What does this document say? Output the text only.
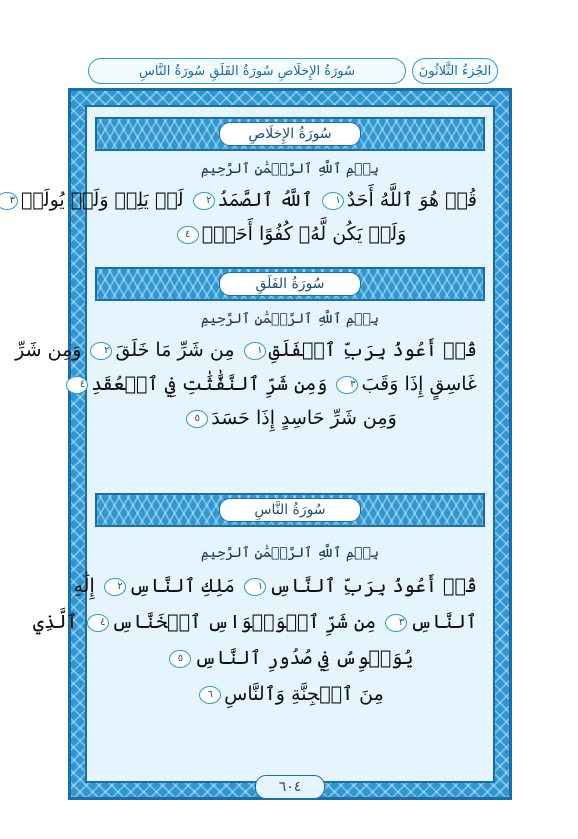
الجُزءُ الثَّلاثُونَ
سُورَةُ الإِخلَاصِ سُورَةُ الفَلَقِ سُورَةُ النَّاسِ
سُورَةُ الإِخلَاصِ
بِسۡمِ ٱللَّهِ ٱلرَّحۡمَٰنِ ٱلرَّحِيمِ
قُلۡ هُوَ ٱللَّهُ أَحَدٌ١ ٱللَّهُ ٱلصَّمَدُ٢ لَمۡ يَلِدۡ وَلَمۡ يُولَدۡ٣
وَلَمۡ يَكُن لَّهُۥ كُفُوًا أَحَدُۢ٤
سُورَةُ الفَلَقِ
بِسۡمِ ٱللَّهِ ٱلرَّحۡمَٰنِ ٱلرَّحِيمِ
قُلۡ أَعُوذُ بِرَبِّ ٱلۡفَلَقِ١ مِن شَرِّ مَا خَلَقَ٢ وَمِن شَرِّ
غَاسِقٍ إِذَا وَقَبَ٣ وَمِن شَرِّ ٱلنَّفَّٰثَٰتِ فِي ٱلۡعُقَدِ٤
وَمِن شَرِّ حَاسِدٍ إِذَا حَسَدَ٥
سُورَةُ النَّاسِ
بِسۡمِ ٱللَّهِ ٱلرَّحۡمَٰنِ ٱلرَّحِيمِ
قُلۡ أَعُوذُ بِرَبِّ ٱلنَّاسِ١ مَلِكِ ٱلنَّاسِ٢ إِلَٰهِ
ٱلنَّاسِ٣ مِن شَرِّ ٱلۡوَسۡوَاسِ ٱلۡخَنَّاسِ٤ ٱلَّذِي
يُوَسۡوِسُ فِي صُدُورِ ٱلنَّاسِ٥
مِنَ ٱلۡجِنَّةِ وَٱلنَّاسِ٦
٦٠٤
